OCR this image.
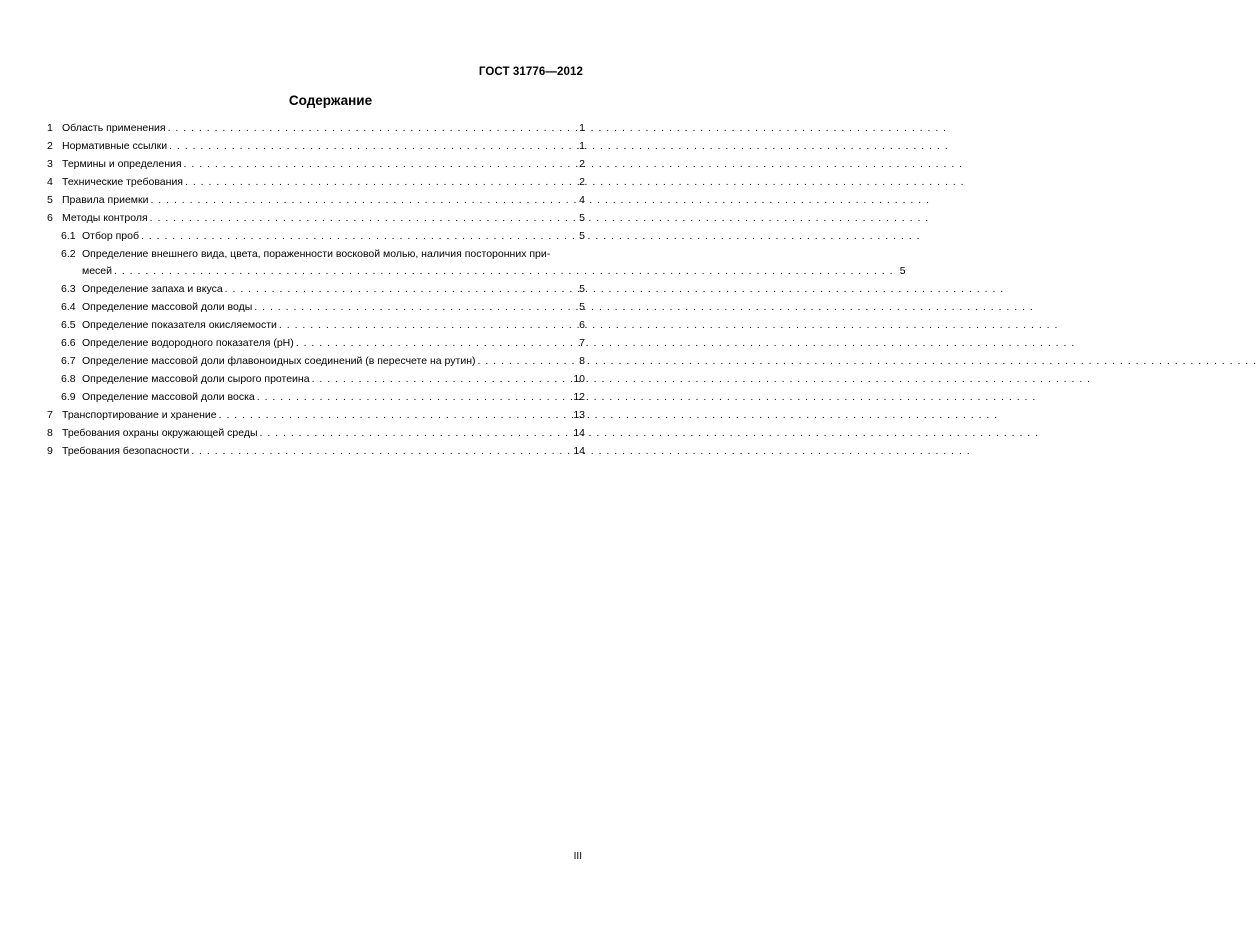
ГОСТ 31776—2012
Содержание
1 Область применения . . .	1
2 Нормативные ссылки . . .	1
3 Термины и определения . . .	2
4 Технические требования . . .	2
5 Правила приемки . . .	4
6 Методы контроля . . .	5
6.1 Отбор проб . . .	5
6.2 Определение внешнего вида, цвета, пораженности восковой молью, наличия посторонних при-
месей . . .	5
6.3 Определение запаха и вкуса . . .	5
6.4 Определение массовой доли воды . . .	5
6.5 Определение показателя окисляемости . . .	6
6.6 Определение водородного показателя (рН) . . .	7
6.7 Определение массовой доли флавоноидных соединений (в пересчете на рутин) . . .	8
6.8 Определение массовой доли сырого протеина . . .	10
6.9 Определение массовой доли воска . . .	12
7 Транспортирование и хранение . . .	13
8 Требования охраны окружающей среды . . .	14
9 Требования безопасности . . .	14
III
